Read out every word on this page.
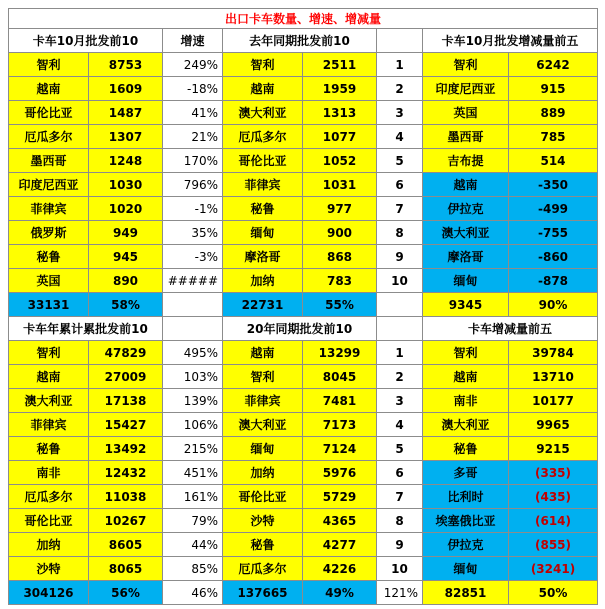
出口卡车数量、增速、增减量							
卡车10月批发前10		增速	去年同期批发前10			卡车10月批发增减量前五	
智利	8753	249%	智利	2511	1	智利	6242
越南	1609	-18%	越南	1959	2	印度尼西亚	915
哥伦比亚	1487	41%	澳大利亚	1313	3	英国	889
厄瓜多尔	1307	21%	厄瓜多尔	1077	4	墨西哥	785
墨西哥	1248	170%	哥伦比亚	1052	5	吉布提	514
印度尼西亚	1030	796%	菲律宾	1031	6	越南	-350
菲律宾	1020	-1%	秘鲁	977	7	伊拉克	-499
俄罗斯	949	35%	缅甸	900	8	澳大利亚	-755
秘鲁	945	-3%	摩洛哥	868	9	摩洛哥	-860
英国	890	#####	加纳	783	10	缅甸	-878
33131	58%		22731	55%		9345	90%
卡车年累计累批发前10			20年同期批发前10			卡车增减量前五	
智利	47829	495%	越南	13299	1	智利	39784
越南	27009	103%	智利	8045	2	越南	13710
澳大利亚	17138	139%	菲律宾	7481	3	南非	10177
菲律宾	15427	106%	澳大利亚	7173	4	澳大利亚	9965
秘鲁	13492	215%	缅甸	7124	5	秘鲁	9215
南非	12432	451%	加纳	5976	6	多哥	(335)
厄瓜多尔	11038	161%	哥伦比亚	5729	7	比利时	(435)
哥伦比亚	10267	79%	沙特	4365	8	埃塞俄比亚	(614)
加纳	8605	44%	秘鲁	4277	9	伊拉克	(855)
沙特	8065	85%	厄瓜多尔	4226	10	缅甸	(3241)
304126	56%	46%	137665	49%	121%	82851	50%
